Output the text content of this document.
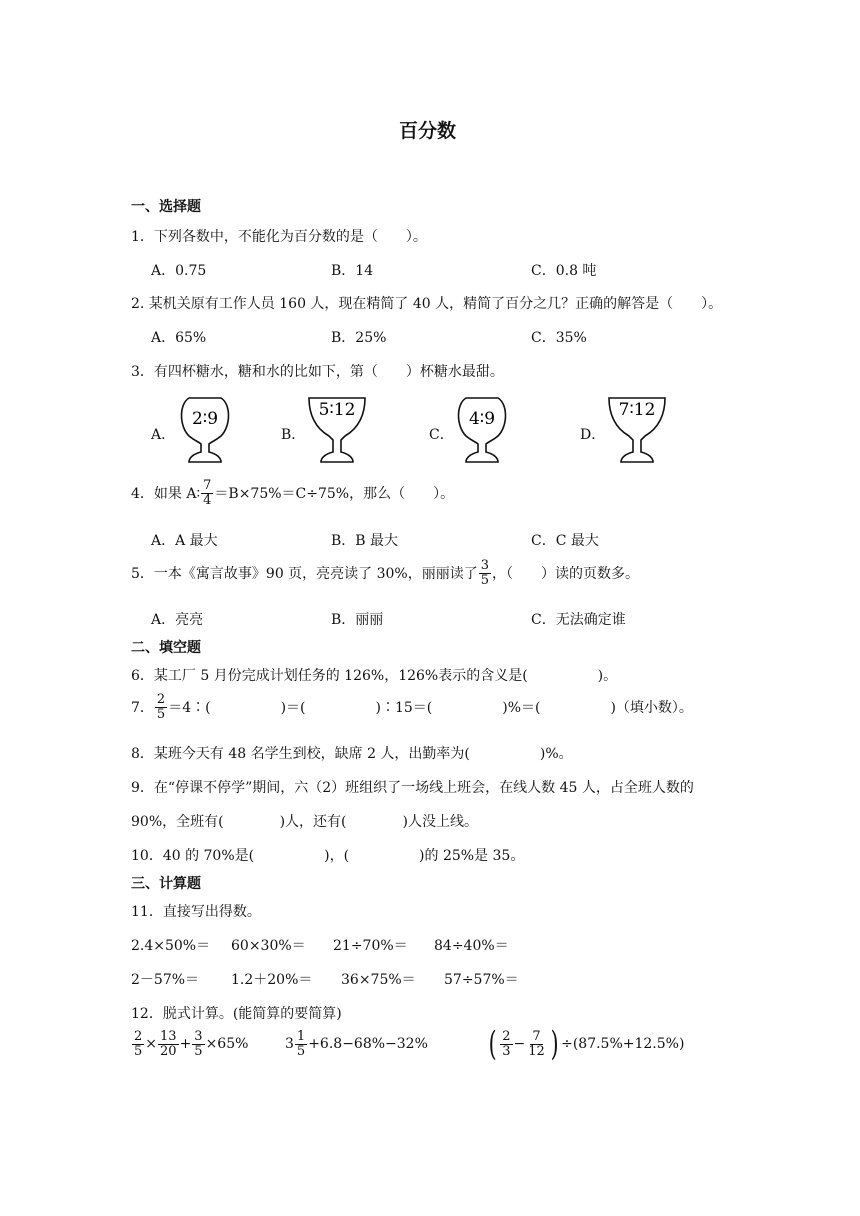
百分数
一、选择题
1．下列各数中，不能化为百分数的是（　　）。
A．0.75	B．14	C．0.8 吨
2. 某机关原有工作人员 160 人，现在精简了 40 人，精简了百分之几？正确的解答是（　　）。
A．65%	B．25%	C．35%
3．有四杯糖水，糖和水的比如下，第（　　）杯糖水最甜。
A．
2∶9
B．
5∶12
C．
4∶9
D．
7∶12
4．如果 A∶ $\frac{7}{4} =B\times 75\%=C\div 75\%$，那么（　　）。
A．A 最大	B．B 最大	C．C 最大
5．一本《寓言故事》90 页，亮亮读了 30%，丽丽读了 $\frac{3}{5}$ ，（　　）读的页数多。
A．亮亮	B．丽丽	C．无法确定谁
二、填空题
6．某工厂 5 月份完成计划任务的 126%，126%表示的含义是(　　　　　)。
7． $\frac{2}{5}$ ＝4∶(　　　　　)＝(　　　　　)∶15＝(　　　　　)%＝(　　　　　)（填小数）。
8．某班今天有 48 名学生到校，缺席 2 人，出勤率为(　　　　　)%。
9．在“停课不停学”期间，六（2）班组织了一场线上班会，在线人数 45 人，占全班人数的
90%，全班有(　　　　)人，还有(　　　　)人没上线。
10．40 的 70%是(　　　　　)，(　　　　　)的 25%是 35。
三、计算题
11．直接写出得数。
2.4×50%＝ 60×30%＝ 21÷70%＝ 84÷40%＝
2－57%＝ 1.2＋20%＝ 36×75%＝ 57÷57%＝
12．脱式计算。(能简算的要简算)
$\frac{2}{5} \times \frac{13}{20} + \frac{3}{5} \times 65\%$	$3 \frac{1}{5} +6.8-68\%-32\%$ ( $\frac{2}{3} - \frac{7}{12}$ ) ÷(87.5%+12.5%)
